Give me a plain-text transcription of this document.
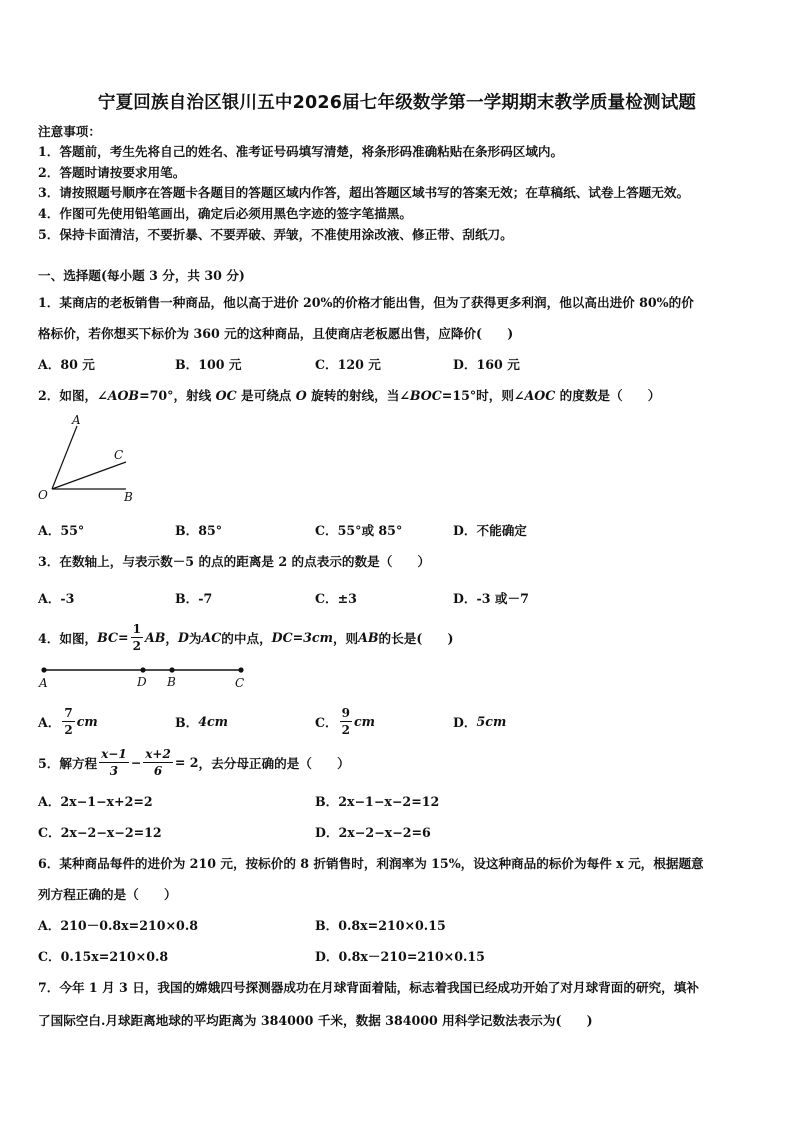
宁夏回族自治区银川五中2026届七年级数学第一学期期末教学质量检测试题
注意事项：
1．答题前，考生先将自己的姓名、准考证号码填写清楚，将条形码准确粘贴在条形码区域内。
2．答题时请按要求用笔。
3．请按照题号顺序在答题卡各题目的答题区域内作答，超出答题区域书写的答案无效；在草稿纸、试卷上答题无效。
4．作图可先使用铅笔画出，确定后必须用黑色字迹的签字笔描黑。
5．保持卡面清洁，不要折暴、不要弄破、弄皱，不准使用涂改液、修正带、刮纸刀。
一、选择题(每小题 3 分，共 30 分)
1．某商店的老板销售一种商品，他以高于进价 20%的价格才能出售，但为了获得更多利润，他以高出进价 80%的价
格标价，若你想买下标价为 360 元的这种商品，且使商店老板愿出售，应降价(　　)
A．80 元	B．100 元	C．120 元	D．160 元
2．如图，∠AOB=70°，射线 OC 是可绕点 O 旋转的射线，当∠BOC=15°时，则∠AOC 的度数是（　　）
A
C
O	B
A．55°	B．85°	C．55°或 85°	D．不能确定
3．在数轴上，与表示数－5 的点的距离是 2 的点表示的数是（　　）
A．-3	B．-7	C．±3	D．-3 或－7
4．如图， $BC= \frac{1}{2}$ AB ， D 为 AC 的中点， DC=3cm ，则 AB 的长是(　　)
A	D B	C
A． $\frac{7}{2}$ cm	B． 4cm	C． $\frac{9}{2}$ cm	D． 5cm
5．解方程 $\frac{x-1}{3} - \frac{x+2}{6} = 2$ ，去分母正确的是（　　）
A．2x−1−x+2=2	B．2x−1−x−2=12
C．2x−2−x−2=12	D．2x−2−x−2=6
6．某种商品每件的进价为 210 元，按标价的 8 折销售时，利润率为 15%，设这种商品的标价为每件 x 元，根据题意
列方程正确的是（　　）
A．210－0.8x=210×0.8	B．0.8x=210×0.15
C．0.15x=210×0.8	D．0.8x－210=210×0.15
7．今年 1 月 3 日，我国的嫦娥四号探测器成功在月球背面着陆，标志着我国已经成功开始了对月球背面的研究，填补
了国际空白.月球距离地球的平均距离为 384000 千米，数据 384000 用科学记数法表示为(　　)
